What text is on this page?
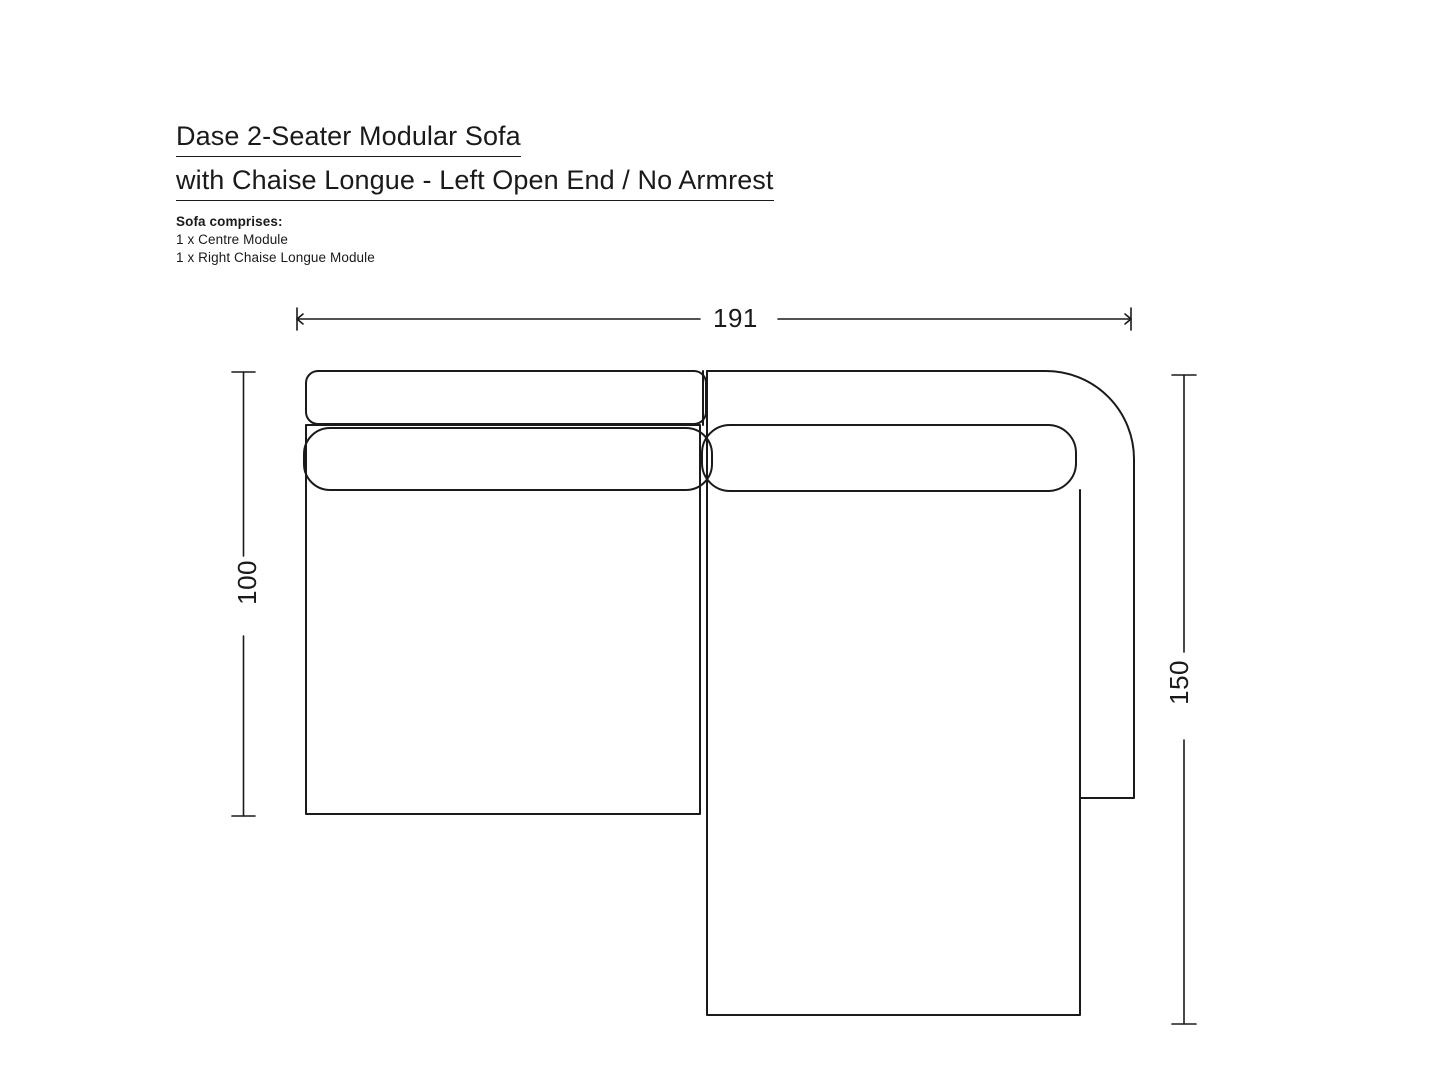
Dase 2-Seater Modular Sofa
with Chaise Longue - Left Open End / No Armrest
Sofa comprises:
1 x Centre Module
1 x Right Chaise Longue Module
191
100
150
